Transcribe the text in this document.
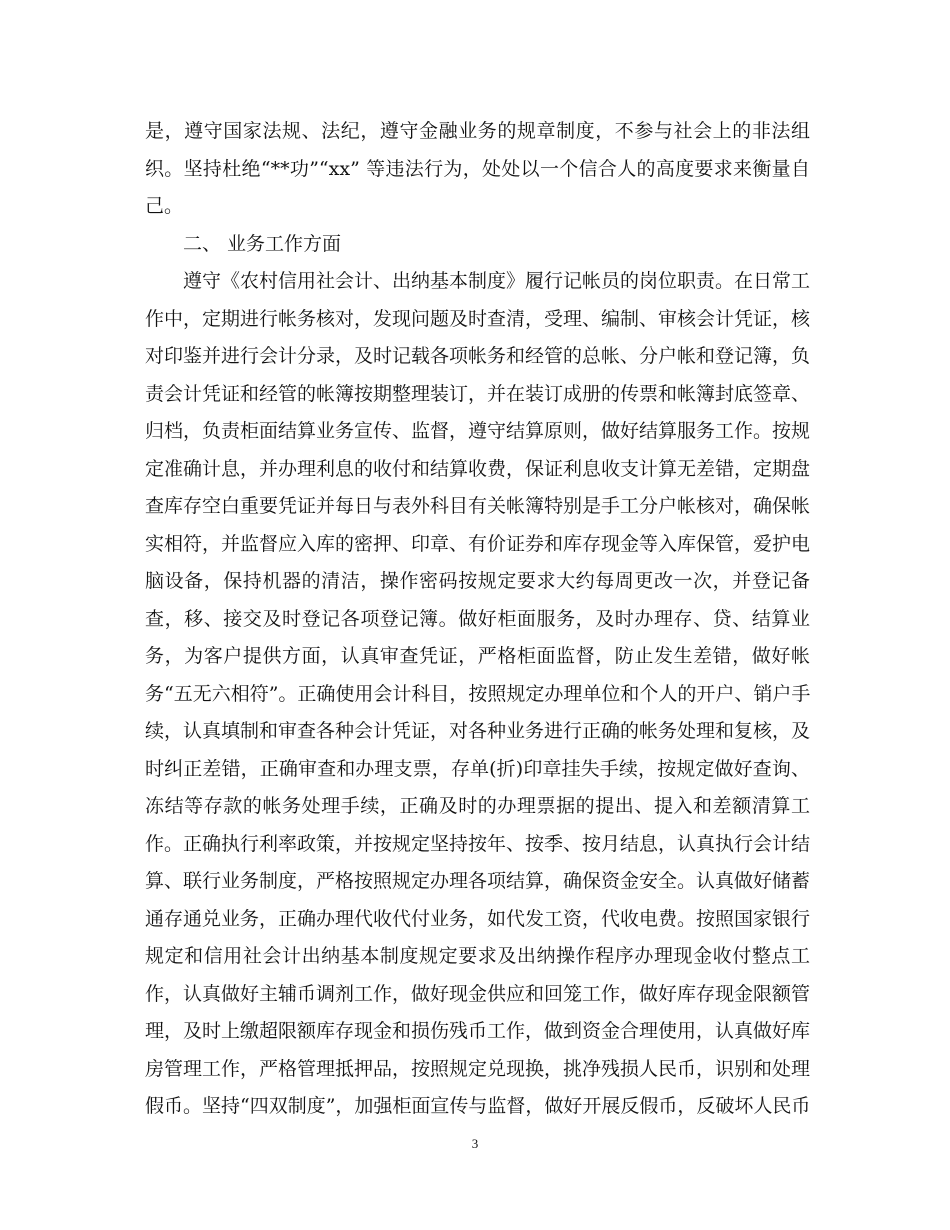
是，遵守国家法规、法纪，遵守金融业务的规章制度，不参与社会上的非法组
织。坚持杜绝“**功”“xx” 等违法行为，处处以一个信合人的高度要求来衡量自
己。
二、 业务工作方面
遵守《农村信用社会计、出纳基本制度》履行记帐员的岗位职责。在日常工
作中，定期进行帐务核对，发现问题及时查清，受理、编制、审核会计凭证，核
对印鉴并进行会计分录，及时记载各项帐务和经管的总帐、分户帐和登记簿，负
责会计凭证和经管的帐簿按期整理装订，并在装订成册的传票和帐簿封底签章、
归档，负责柜面结算业务宣传、监督，遵守结算原则，做好结算服务工作。按规
定准确计息，并办理利息的收付和结算收费，保证利息收支计算无差错，定期盘
查库存空白重要凭证并每日与表外科目有关帐簿特别是手工分户帐核对，确保帐
实相符，并监督应入库的密押、印章、有价证券和库存现金等入库保管，爱护电
脑设备，保持机器的清洁，操作密码按规定要求大约每周更改一次，并登记备
查，移、接交及时登记各项登记簿。做好柜面服务，及时办理存、贷、结算业
务，为客户提供方面，认真审查凭证，严格柜面监督，防止发生差错，做好帐
务“五无六相符”。正确使用会计科目，按照规定办理单位和个人的开户、销户手
续，认真填制和审查各种会计凭证，对各种业务进行正确的帐务处理和复核，及
时纠正差错，正确审查和办理支票，存单(折)印章挂失手续，按规定做好查询、
冻结等存款的帐务处理手续，正确及时的办理票据的提出、提入和差额清算工
作。正确执行利率政策，并按规定坚持按年、按季、按月结息，认真执行会计结
算、联行业务制度，严格按照规定办理各项结算，确保资金安全。认真做好储蓄
通存通兑业务，正确办理代收代付业务，如代发工资，代收电费。按照国家银行
规定和信用社会计出纳基本制度规定要求及出纳操作程序办理现金收付整点工
作，认真做好主辅币调剂工作，做好现金供应和回笼工作，做好库存现金限额管
理，及时上缴超限额库存现金和损伤残币工作，做到资金合理使用，认真做好库
房管理工作，严格管理抵押品，按照规定兑现换，挑净残损人民币，识别和处理
假币。坚持“四双制度”，加强柜面宣传与监督，做好开展反假币，反破坏人民币
3
